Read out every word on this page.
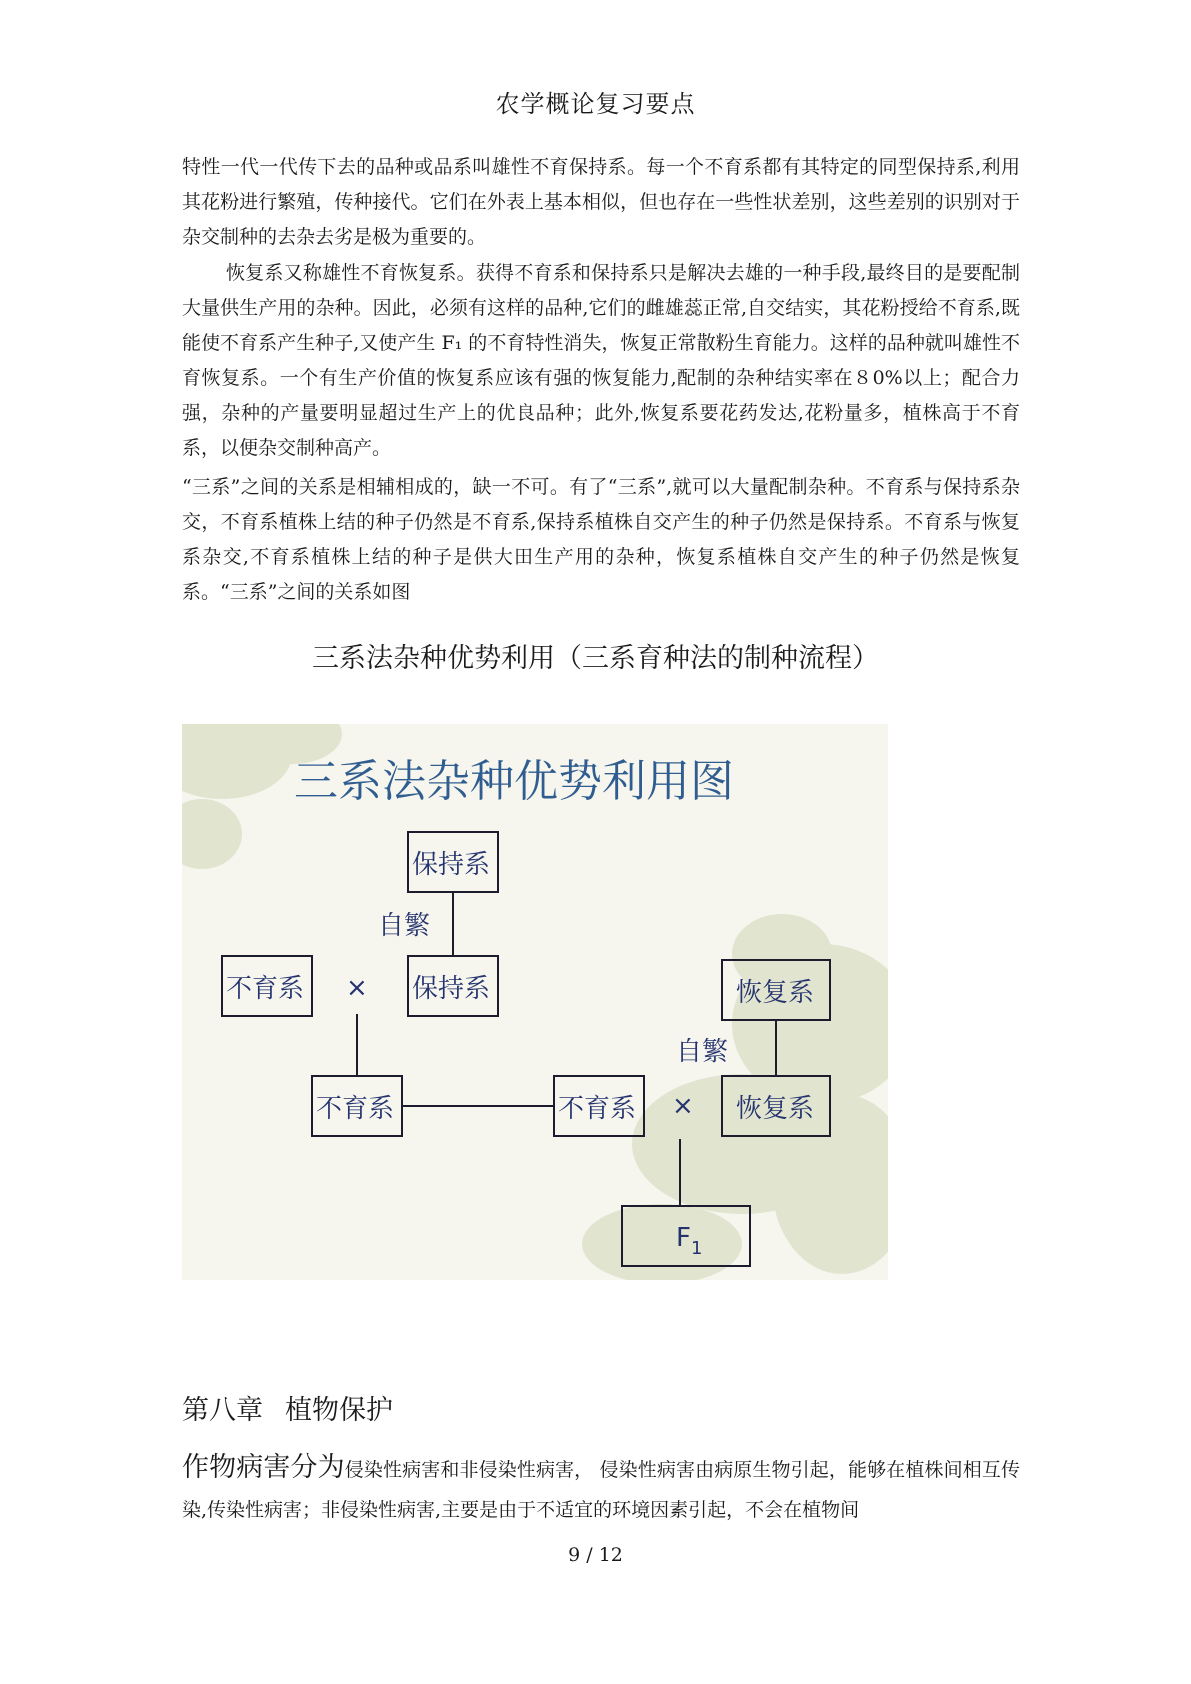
农学概论复习要点

特性一代一代传下去的品种或品系叫雄性不育保持系。每一个不育系都有其特定的同型保持系,利用其花粉进行繁殖，传种接代。它们在外表上基本相似，但也存在一些性状差别，这些差别的识别对于杂交制种的去杂去劣是极为重要的。

恢复系又称雄性不育恢复系。获得不育系和保持系只是解决去雄的一种手段,最终目的是要配制大量供生产用的杂种。因此，必须有这样的品种,它们的雌雄蕊正常,自交结实，其花粉授给不育系,既能使不育系产生种子,又使产生 F₁ 的不育特性消失，恢复正常散粉生育能力。这样的品种就叫雄性不育恢复系。一个有生产价值的恢复系应该有强的恢复能力,配制的杂种结实率在８0%以上；配合力强，杂种的产量要明显超过生产上的优良品种；此外,恢复系要花药发达,花粉量多，植株高于不育系，以便杂交制种高产。

“三系”之间的关系是相辅相成的，缺一不可。有了“三系”,就可以大量配制杂种。不育系与保持系杂交，不育系植株上结的种子仍然是不育系,保持系植株自交产生的种子仍然是保持系。不育系与恢复系杂交,不育系植株上结的种子是供大田生产用的杂种，恢复系植株自交产生的种子仍然是恢复系。“三系”之间的关系如图

三系法杂种优势利用（三系育种法的制种流程）
三系法杂种优势利用图
保持系
自繁
不育系 × 保持系
不育系	不育系 ×
恢复系
自繁
恢复系
$F_1$
第八章 植物保护

作物病害分为侵染性病害和非侵染性病害， 侵染性病害由病原生物引起，能够在植株间相互传染,传染性病害；非侵染性病害,主要是由于不适宜的环境因素引起，不会在植物间

9 / 12
